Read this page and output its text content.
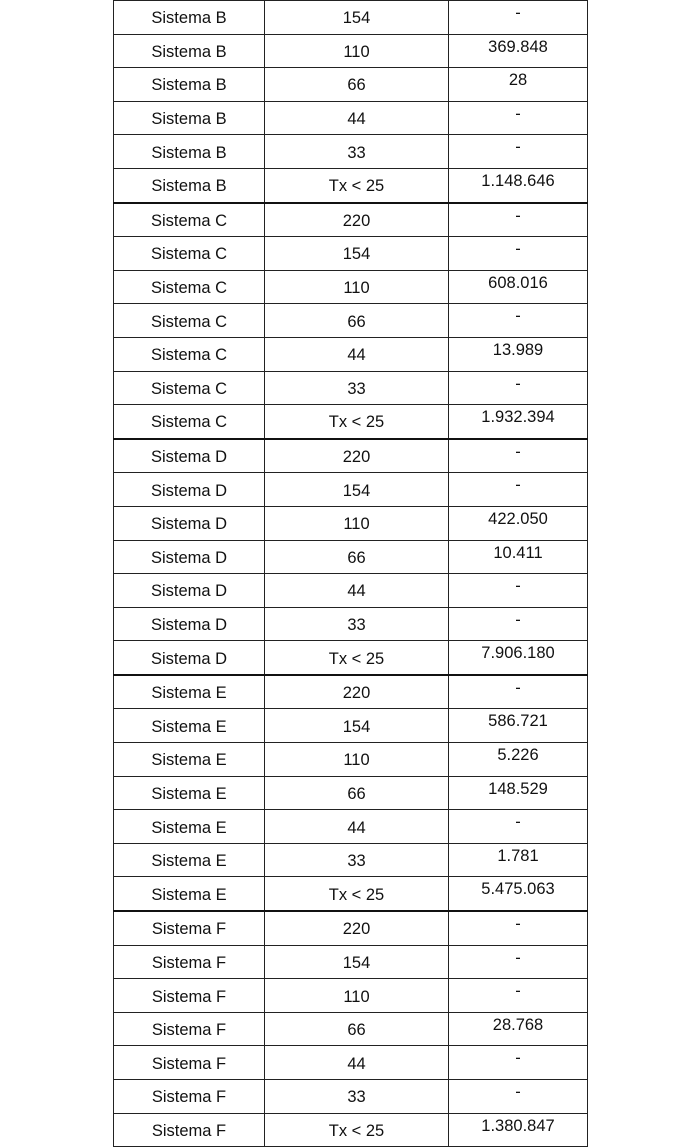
Sistema B	154	-
Sistema B	110	369.848
Sistema B	66	28
Sistema B	44	-
Sistema B	33	-
Sistema B	Tx < 25	1.148.646
Sistema C	220	-
Sistema C	154	-
Sistema C	110	608.016
Sistema C	66	-
Sistema C	44	13.989
Sistema C	33	-
Sistema C	Tx < 25	1.932.394
Sistema D	220	-
Sistema D	154	-
Sistema D	110	422.050
Sistema D	66	10.411
Sistema D	44	-
Sistema D	33	-
Sistema D	Tx < 25	7.906.180
Sistema E	220	-
Sistema E	154	586.721
Sistema E	110	5.226
Sistema E	66	148.529
Sistema E	44	-
Sistema E	33	1.781
Sistema E	Tx < 25	5.475.063
Sistema F	220	-
Sistema F	154	-
Sistema F	110	-
Sistema F	66	28.768
Sistema F	44	-
Sistema F	33	-
Sistema F	Tx < 25	1.380.847
